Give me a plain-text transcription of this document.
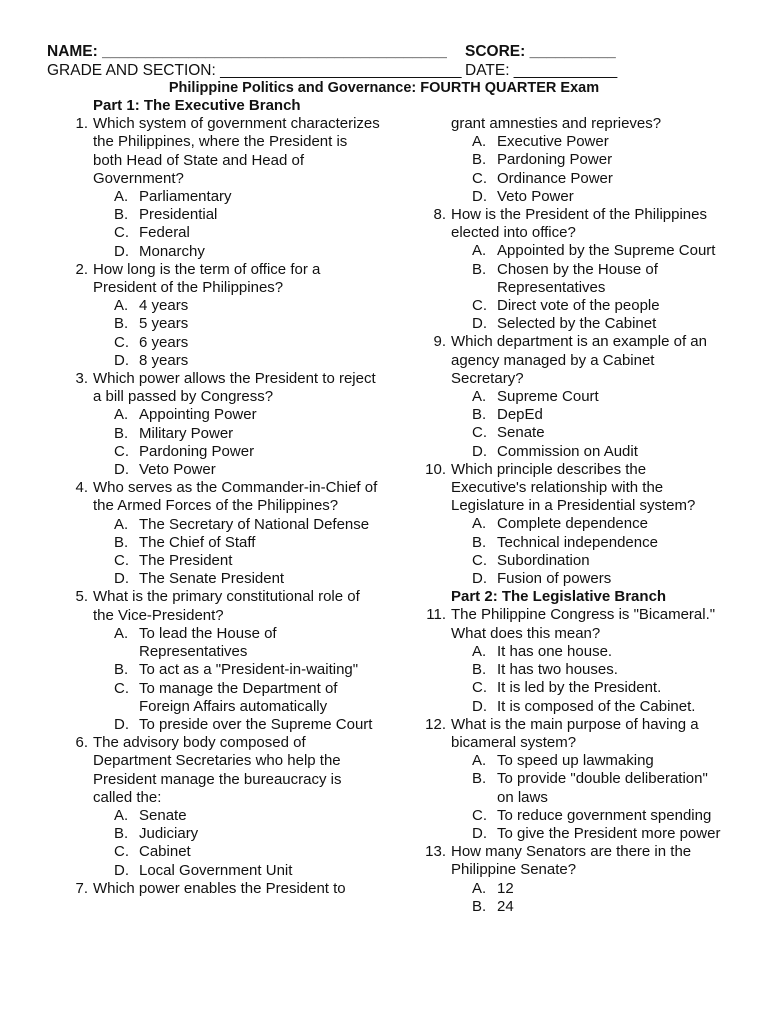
NAME: ________________________________________ SCORE: __________
GRADE AND SECTION: ____________________________ DATE: ____________
Philippine Politics and Governance: FOURTH QUARTER Exam
Part 1: The Executive Branch
1. Which system of government characterizes the Philippines, where the President is both Head of State and Head of Government?
A. Parliamentary
B. Presidential
C. Federal
D. Monarchy
2. How long is the term of office for a President of the Philippines?
A. 4 years
B. 5 years
C. 6 years
D. 8 years
3. Which power allows the President to reject a bill passed by Congress?
A. Appointing Power
B. Military Power
C. Pardoning Power
D. Veto Power
4. Who serves as the Commander-in-Chief of the Armed Forces of the Philippines?
A. The Secretary of National Defense
B. The Chief of Staff
C. The President
D. The Senate President
5. What is the primary constitutional role of the Vice-President?
A. To lead the House of Representatives
B. To act as a "President-in-waiting"
C. To manage the Department of Foreign Affairs automatically
D. To preside over the Supreme Court
6. The advisory body composed of Department Secretaries who help the President manage the bureaucracy is called the:
A. Senate
B. Judiciary
C. Cabinet
D. Local Government Unit
7. Which power enables the President to
grant amnesties and reprieves?
A. Executive Power
B. Pardoning Power
C. Ordinance Power
D. Veto Power
8. How is the President of the Philippines elected into office?
A. Appointed by the Supreme Court
B. Chosen by the House of Representatives
C. Direct vote of the people
D. Selected by the Cabinet
9. Which department is an example of an agency managed by a Cabinet Secretary?
A. Supreme Court
B. DepEd
C. Senate
D. Commission on Audit
10. Which principle describes the Executive's relationship with the Legislature in a Presidential system?
A. Complete dependence
B. Technical independence
C. Subordination
D. Fusion of powers
Part 2: The Legislative Branch
11. The Philippine Congress is "Bicameral." What does this mean?
A. It has one house.
B. It has two houses.
C. It is led by the President.
D. It is composed of the Cabinet.
12. What is the main purpose of having a bicameral system?
A. To speed up lawmaking
B. To provide "double deliberation" on laws
C. To reduce government spending
D. To give the President more power
13. How many Senators are there in the Philippine Senate?
A. 12
B. 24
